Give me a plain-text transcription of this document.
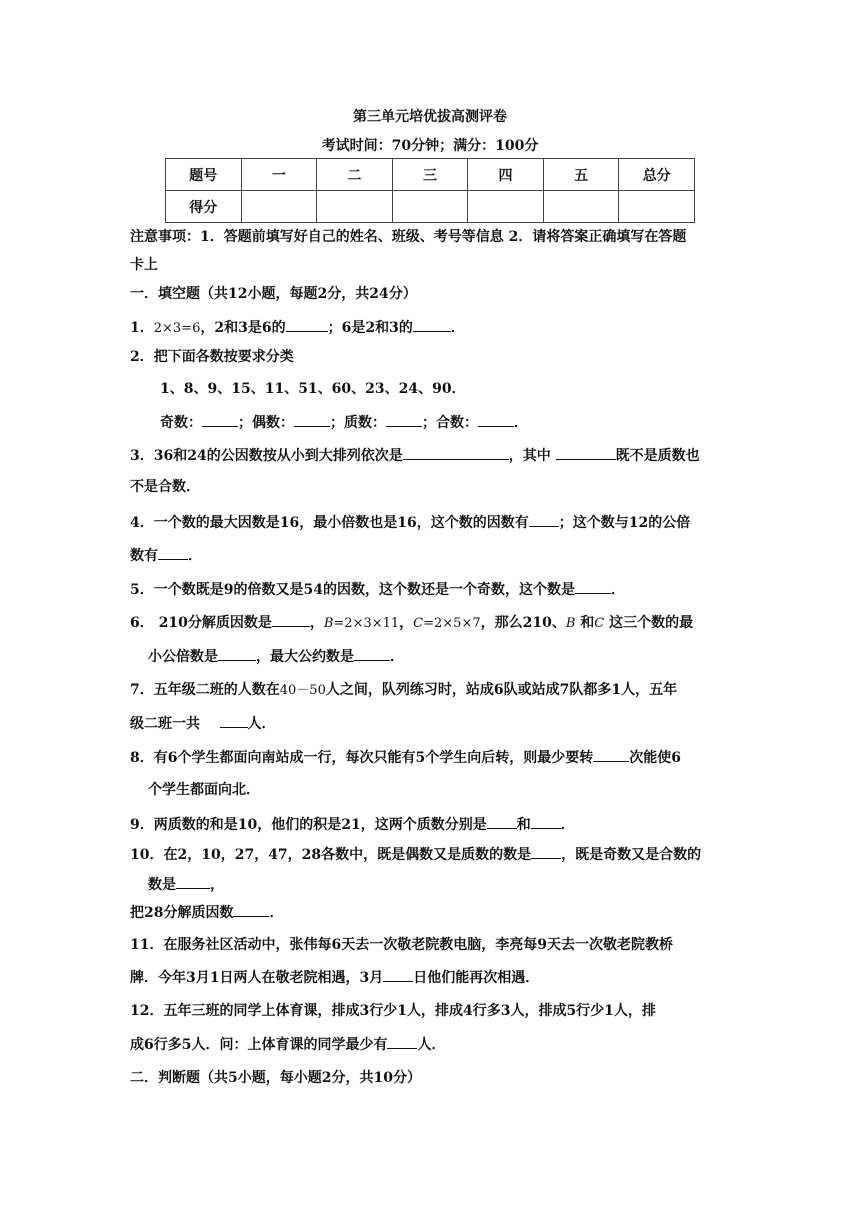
第三单元培优拔高测评卷
考试时间：70分钟；满分：100分
题号	一	二	三	四	五	总分
得分						
注意事项：1．答题前填写好自己的姓名、班级、考号等信息 2．请将答案正确填写在答题
卡上
一．填空题（共12小题，每题2分，共24分）
1．2×3=6，2和3是6的	；6是2和3的	．
2．把下面各数按要求分类
1、8、9、15、11、51、60、23、24、90．
奇数：	；偶数：	；质数：	；合数：	．
3．36和24的公因数按从小到大排列依次是	，其中	既不是质数也
不是合数．
4．一个数的最大因数是16，最小倍数也是16，这个数的因数有 ；这个数与12的公倍
数有 ．
5．一个数既是9的倍数又是54的因数，这个数还是一个奇数，这个数是	．
6． 210分解质因数是	，B=2×3×11，C=2×5×7，那么210、B 和C 这三个数的最
小公倍数是	，最大公约数是	．
7．五年级二班的人数在40－50人之间，队列练习时，站成6队或站成7队都多1人，五年
级二班一共	人．
8．有6个学生都面向南站成一行，每次只能有5个学生向后转，则最少要转	次能使6
个学生都面向北．
9．两质数的和是10，他们的积是21，这两个质数分别是 和 ．
10．在2，10，27，47，28各数中，既是偶数又是质数的数是 ，既是奇数又是合数的
数是 ，
把28分解质因数	．
11．在服务社区活动中，张伟每6天去一次敬老院教电脑，李亮每9天去一次敬老院教桥
牌．今年3月1日两人在敬老院相遇，3月 日他们能再次相遇．
12．五年三班的同学上体育课，排成3行少1人，排成4行多3人，排成5行少1人，排
成6行多5人．问：上体育课的同学最少有 人．
二．判断题（共5小题，每小题2分，共10分）
